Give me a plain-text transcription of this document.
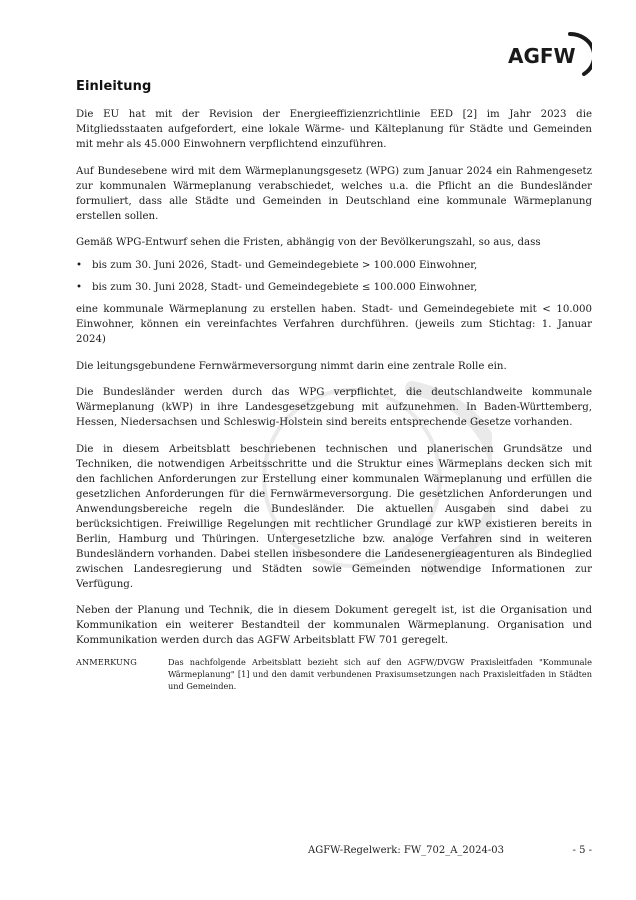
AGFW
Einleitung

Die EU hat mit der Revision der Energieeffizienzrichtlinie EED [2] im Jahr 2023 die Mitgliedsstaaten aufgefordert, eine lokale Wärme- und Kälteplanung für Städte und Gemeinden mit mehr als 45.000 Einwohnern verpflichtend einzuführen.

Auf Bundesebene wird mit dem Wärmeplanungsgesetz (WPG) zum Januar 2024 ein Rahmengesetz zur kommunalen Wärmeplanung verabschiedet, welches u.a. die Pflicht an die Bundesländer formuliert, dass alle Städte und Gemeinden in Deutschland eine kommunale Wärmeplanung erstellen sollen.

Gemäß WPG-Entwurf sehen die Fristen, abhängig von der Bevölkerungszahl, so aus, dass

• bis zum 30. Juni 2026, Stadt- und Gemeindegebiete > 100.000 Einwohner,
• bis zum 30. Juni 2028, Stadt- und Gemeindegebiete ≤ 100.000 Einwohner,

eine kommunale Wärmeplanung zu erstellen haben. Stadt- und Gemeindegebiete mit < 10.000 Einwohner, können ein vereinfachtes Verfahren durchführen. (jeweils zum Stichtag: 1. Januar 2024)

Die leitungsgebundene Fernwärmeversorgung nimmt darin eine zentrale Rolle ein.

Die Bundesländer werden durch das WPG verpflichtet, die deutschlandweite kommunale Wärmeplanung (kWP) in ihre Landesgesetzgebung mit aufzunehmen. In Baden-Württemberg, Hessen, Niedersachsen und Schleswig-Holstein sind bereits entsprechende Gesetze vorhanden.

Die in diesem Arbeitsblatt beschriebenen technischen und planerischen Grundsätze und Techniken, die notwendigen Arbeitsschritte und die Struktur eines Wärmeplans decken sich mit den fachlichen Anforderungen zur Erstellung einer kommunalen Wärmeplanung und erfüllen die gesetzlichen Anforderungen für die Fernwärmeversorgung. Die gesetzlichen Anforderungen und Anwendungsbereiche regeln die Bundesländer. Die aktuellen Ausgaben sind dabei zu berücksichtigen. Freiwillige Regelungen mit rechtlicher Grundlage zur kWP existieren bereits in Berlin, Hamburg und Thüringen. Untergesetzliche bzw. analoge Verfahren sind in weiteren Bundesländern vorhanden. Dabei stellen insbesondere die Landesenergieagenturen als Bindeglied zwischen Landesregierung und Städten sowie Gemeinden notwendige Informationen zur Verfügung.

Neben der Planung und Technik, die in diesem Dokument geregelt ist, ist die Organisation und Kommunikation ein weiterer Bestandteil der kommunalen Wärmeplanung. Organisation und Kommunikation werden durch das AGFW Arbeitsblatt FW 701 geregelt.

ANMERKUNG	Das nachfolgende Arbeitsblatt bezieht sich auf den AGFW/DVGW Praxisleitfaden "Kommunale Wärmeplanung" [1] und den damit verbundenen Praxisumsetzungen nach Praxisleitfaden in Städten und Gemeinden.
AGFW-Regelwerk: FW_702_A_2024-03	- 5 -
